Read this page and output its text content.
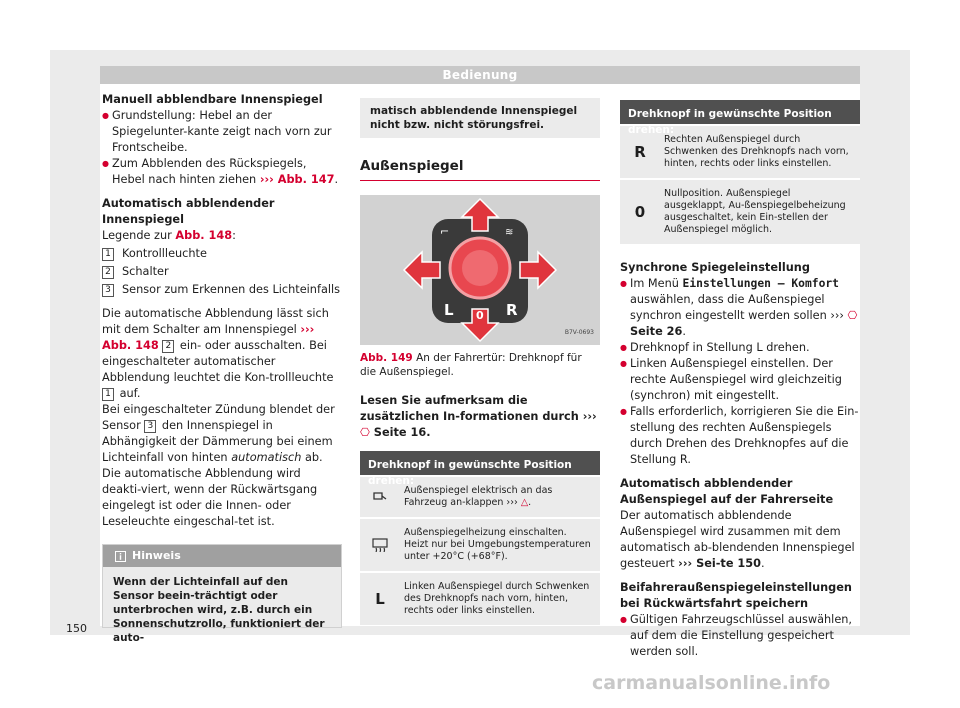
Bedienung
Manuell abblendbare Innenspiegel
● Grundstellung: Hebel an der Spiegelunter-kante zeigt nach vorn zur Frontscheibe.
● Zum Abblenden des Rückspiegels, Hebel nach hinten ziehen ››› Abb. 147.
Automatisch abblendender Innenspiegel
Legende zur Abb. 148:
1 Kontrollleuchte
2 Schalter
3 Sensor zum Erkennen des Lichteinfalls
Die automatische Abblendung lässt sich mit dem Schalter am Innenspiegel ››› Abb. 148 2 ein- oder ausschalten. Bei eingeschalteter automatischer Abblendung leuchtet die Kon-trollleuchte 1 auf.
Bei eingeschalteter Zündung blendet der Sensor 3 den Innenspiegel in Abhängigkeit der Dämmerung bei einem Lichteinfall von hinten automatisch ab.
Die automatische Abblendung wird deakti-viert, wenn der Rückwärtsgang eingelegt ist oder die Innen- oder Leseleuchte eingeschal-tet ist.
Hinweis
Wenn der Lichteinfall auf den Sensor beein-trächtigt oder unterbrochen wird, z.B. durch ein Sonnenschutzrollo, funktioniert der auto-
matisch abblendende Innenspiegel nicht bzw. nicht störungsfrei.
Außenspiegel
⌐	≋
L 0 R
B7V-0693
Abb. 149 An der Fahrertür: Drehknopf für die Außenspiegel.
Lesen Sie aufmerksam die zusätzlichen In-formationen durch ››› ⎔ Seite 16.
Drehknopf in gewünschte Position drehen:
Außenspiegel elektrisch an das Fahrzeug an-klappen ››› △.
Außenspiegelheizung einschalten. Heizt nur bei Umgebungstemperaturen unter +20°C (+68°F).
L
Linken Außenspiegel durch Schwenken des Drehknopfs nach vorn, hinten, rechts oder links einstellen.
Drehknopf in gewünschte Position drehen:
R
Rechten Außenspiegel durch Schwenken des Drehknopfs nach vorn, hinten, rechts oder links einstellen.
0
Nullposition. Außenspiegel ausgeklappt, Au-ßenspiegelbeheizung ausgeschaltet, kein Ein-stellen der Außenspiegel möglich.
Synchrone Spiegeleinstellung
● Im Menü Einstellungen – Komfort auswählen, dass die Außenspiegel synchron eingestellt werden sollen ››› ⎔ Seite 26.
● Drehknopf in Stellung L drehen.
● Linken Außenspiegel einstellen. Der rechte Außenspiegel wird gleichzeitig (synchron) mit eingestellt.
● Falls erforderlich, korrigieren Sie die Ein-stellung des rechten Außenspiegels durch Drehen des Drehknopfes auf die Stellung R.
Automatisch abblendender Außenspiegel auf der Fahrerseite
Der automatisch abblendende Außenspiegel wird zusammen mit dem automatisch ab-blendenden Innenspiegel gesteuert ››› Sei-te 150.
Beifahreraußenspiegeleinstellungen bei Rückwärtsfahrt speichern
● Gültigen Fahrzeugschlüssel auswählen, auf dem die Einstellung gespeichert werden soll.
150
carmanualsonline.info
